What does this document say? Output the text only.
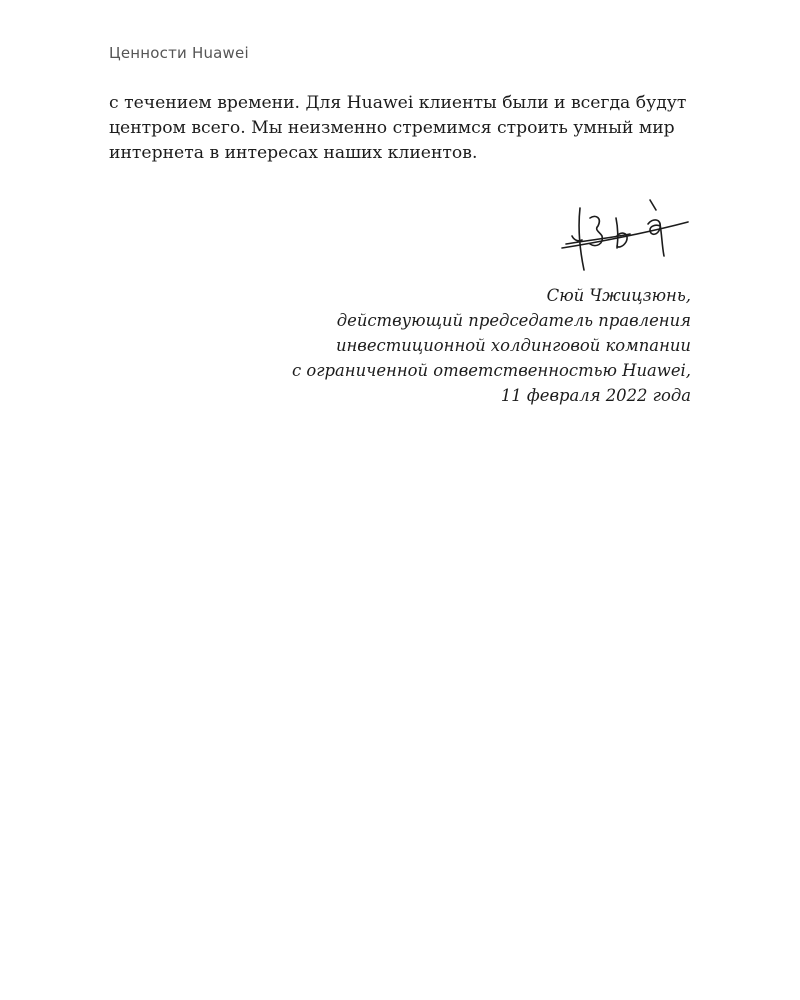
Ценности Huawei

с течением времени. Для Huawei клиенты были и всегда будут
центром всего. Мы неизменно стремимся строить умный мир
интернета в интересах наших клиентов.

Сюй Чжицзюнь,
действующий председатель правления
инвестиционной холдинговой компании
с ограниченной ответственностью Huawei,
11 февраля 2022 года
